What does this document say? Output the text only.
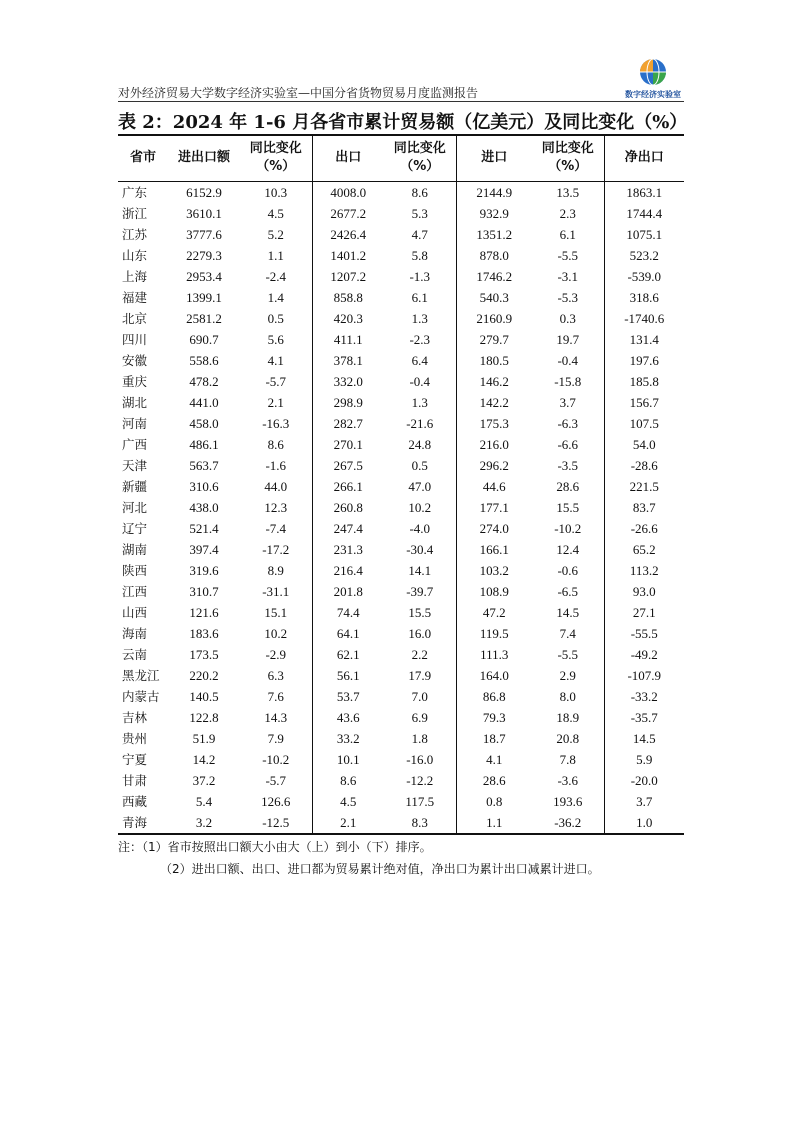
对外经济贸易大学数字经济实验室—中国分省货物贸易月度监测报告	数字经济实验室
表 2：2024 年 1-6 月各省市累计贸易额（亿美元）及同比变化（%）
省市	进出口额	同比变化（%）	出口	同比变化（%）	进口	同比变化（%）	净出口
广东	6152.9	10.3	4008.0	8.6	2144.9	13.5	1863.1
浙江	3610.1	4.5	2677.2	5.3	932.9	2.3	1744.4
江苏	3777.6	5.2	2426.4	4.7	1351.2	6.1	1075.1
山东	2279.3	1.1	1401.2	5.8	878.0	-5.5	523.2
上海	2953.4	-2.4	1207.2	-1.3	1746.2	-3.1	-539.0
福建	1399.1	1.4	858.8	6.1	540.3	-5.3	318.6
北京	2581.2	0.5	420.3	1.3	2160.9	0.3	-1740.6
四川	690.7	5.6	411.1	-2.3	279.7	19.7	131.4
安徽	558.6	4.1	378.1	6.4	180.5	-0.4	197.6
重庆	478.2	-5.7	332.0	-0.4	146.2	-15.8	185.8
湖北	441.0	2.1	298.9	1.3	142.2	3.7	156.7
河南	458.0	-16.3	282.7	-21.6	175.3	-6.3	107.5
广西	486.1	8.6	270.1	24.8	216.0	-6.6	54.0
天津	563.7	-1.6	267.5	0.5	296.2	-3.5	-28.6
新疆	310.6	44.0	266.1	47.0	44.6	28.6	221.5
河北	438.0	12.3	260.8	10.2	177.1	15.5	83.7
辽宁	521.4	-7.4	247.4	-4.0	274.0	-10.2	-26.6
湖南	397.4	-17.2	231.3	-30.4	166.1	12.4	65.2
陕西	319.6	8.9	216.4	14.1	103.2	-0.6	113.2
江西	310.7	-31.1	201.8	-39.7	108.9	-6.5	93.0
山西	121.6	15.1	74.4	15.5	47.2	14.5	27.1
海南	183.6	10.2	64.1	16.0	119.5	7.4	-55.5
云南	173.5	-2.9	62.1	2.2	111.3	-5.5	-49.2
黑龙江	220.2	6.3	56.1	17.9	164.0	2.9	-107.9
内蒙古	140.5	7.6	53.7	7.0	86.8	8.0	-33.2
吉林	122.8	14.3	43.6	6.9	79.3	18.9	-35.7
贵州	51.9	7.9	33.2	1.8	18.7	20.8	14.5
宁夏	14.2	-10.2	10.1	-16.0	4.1	7.8	5.9
甘肃	37.2	-5.7	8.6	-12.2	28.6	-3.6	-20.0
西藏	5.4	126.6	4.5	117.5	0.8	193.6	3.7
青海	3.2	-12.5	2.1	8.3	1.1	-36.2	1.0
注：（1）省市按照出口额大小由大（上）到小（下）排序。
（2）进出口额、出口、进口都为贸易累计绝对值，净出口为累计出口减累计进口。
